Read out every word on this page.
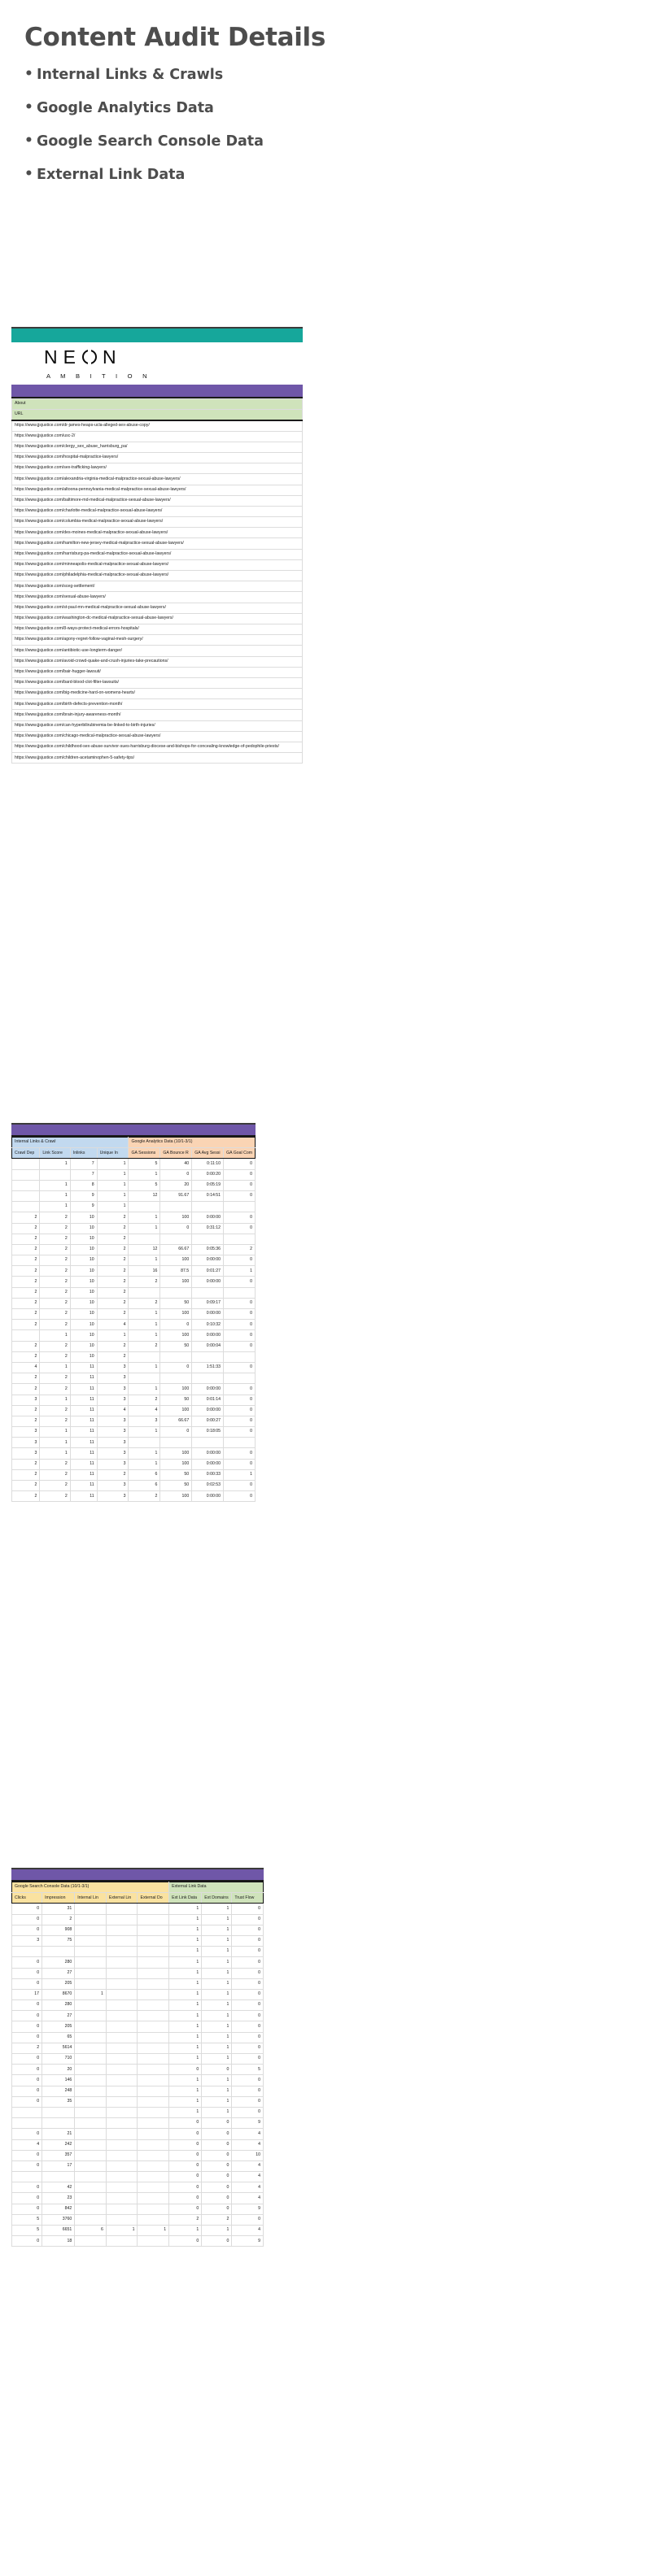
Content Audit Details
• Internal Links & Crawls
• Google Analytics Data
• Google Search Console Data
• External Link Data
NE N
A M B I T I O N
About
URL
https://www.jjsjustice.com/dr-james-heaps-ucla-alleged-sex-abuse-copy/
https://www.jjsjustice.com/usc-2/
https://www.jjsjustice.com/clergy_sex_abuse_harrisburg_pa/
https://www.jjsjustice.com/hospital-malpractice-lawyers/
https://www.jjsjustice.com/sex-trafficking-lawyers/
https://www.jjsjustice.com/alexandria-virginia-medical-malpractice-sexual-abuse-lawyers/
https://www.jjsjustice.com/altoona-pennsylvania-medical-malpractice-sexual-abuse-lawyers/
https://www.jjsjustice.com/baltimore-md-medical-malpractice-sexual-abuse-lawyers/
https://www.jjsjustice.com/charlotte-medical-malpractice-sexual-abuse-lawyers/
https://www.jjsjustice.com/columbia-medical-malpractice-sexual-abuse-lawyers/
https://www.jjsjustice.com/des-moines-medical-malpractice-sexual-abuse-lawyers/
https://www.jjsjustice.com/hamilton-new-jersey-medical-malpractice-sexual-abuse-lawyers/
https://www.jjsjustice.com/harrisburg-pa-medical-malpractice-sexual-abuse-lawyers/
https://www.jjsjustice.com/minneapolis-medical-malpractice-sexual-abuse-lawyers/
https://www.jjsjustice.com/philadelphia-medical-malpractice-sexual-abuse-lawyers/
https://www.jjsjustice.com/sceg-settlement/
https://www.jjsjustice.com/sexual-abuse-lawyers/
https://www.jjsjustice.com/st-paul-mn-medical-malpractice-sexual-abuse-lawyers/
https://www.jjsjustice.com/washington-dc-medical-malpractice-sexual-abuse-lawyers/
https://www.jjsjustice.com/8-ways-protect-medical-errors-hospitals/
https://www.jjsjustice.com/agony-regret-follow-vaginal-mesh-surgery/
https://www.jjsjustice.com/antibiotic-use-longterm-danger/
https://www.jjsjustice.com/avoid-crowd-quake-and-crush-injuries-take-precautions/
https://www.jjsjustice.com/bair-hugger-lawsuit/
https://www.jjsjustice.com/bard-blood-clot-filter-lawsuits/
https://www.jjsjustice.com/big-medicine-hard-on-womens-hearts/
https://www.jjsjustice.com/birth-defects-prevention-month/
https://www.jjsjustice.com/brain-injury-awareness-month/
https://www.jjsjustice.com/can-hyperbilirubinemia-be-linked-to-birth-injuries/
https://www.jjsjustice.com/chicago-medical-malpractice-sexual-abuse-lawyers/
https://www.jjsjustice.com/childhood-sex-abuse-survivor-sues-harrisburg-diocese-and-bishops-for-concealing-knowledge-of-pedophile-priests/
https://www.jjsjustice.com/children-acetaminophen-5-safety-tips/
Internal Links & Crawl				Google Analytics Data (10/1-3/1)			
Crawl Dep	Link Score	Inlinks	Unique In	GA Sessions	GA Bounce R	GA Avg Sessi	GA Goal Com
	1	7	1	5	40	0:11:10	0
		7	1	1	0	0:00:20	0
	1	8	1	5	20	0:05:19	0
	1	9	1	12	91.67	0:14:51	0
	1	9	1				
2	2	10	2	1	100	0:00:00	0
2	2	10	2	1	0	0:31:12	0
2	2	10	2				
2	2	10	2	12	66.67	0:05:36	2
2	2	10	2	1	100	0:00:00	0
2	2	10	2	16	87.5	0:01:27	1
2	2	10	2	2	100	0:00:00	0
2	2	10	2				
2	2	10	2	2	50	0:09:17	0
2	2	10	2	1	100	0:00:00	0
2	2	10	4	1	0	0:10:32	0
	1	10	1	1	100	0:00:00	0
2	2	10	2	2	50	0:00:04	0
2	2	10	2				
4	1	11	3	1	0	1:51:33	0
2	2	11	3				
2	2	11	3	1	100	0:00:00	0
3	1	11	3	2	50	0:01:14	0
2	2	11	4	4	100	0:00:00	0
2	2	11	3	3	66.67	0:00:27	0
3	1	11	3	1	0	0:18:05	0
3	1	11	3				
3	1	11	3	1	100	0:00:00	0
2	2	11	3	1	100	0:00:00	0
2	2	11	2	6	50	0:00:33	1
2	2	11	3	6	50	0:02:53	0
2	2	11	3	2	100	0:00:00	0
Google Search Console Data (10/1-3/1)					External Link Data		
Clicks	Impression	Internal Lin	External Lin	External Do	Ext Link Data	Ext Domains	Trust Flow
0	31				1	1	0
0	2				1	1	0
0	908				1	1	0
3	75				1	1	0
					1	1	0
0	280				1	1	0
0	27				1	1	0
0	205				1	1	0
17	8670	1			1	1	0
0	280				1	1	0
0	27				1	1	0
0	205				1	1	0
0	65				1	1	0
2	5614				1	1	0
0	710				1	1	0
0	20				0	0	5
0	146				1	1	0
0	248				1	1	0
0	35				1	1	0
					1	1	0
					0	0	9
0	21				0	0	4
4	242				0	0	4
0	357				0	0	10
0	17				0	0	4
					0	0	4
0	42				0	0	4
0	23				0	0	4
0	842				0	0	9
5	3760				2	2	0
5	6651	6	1	1	1	1	4
0	18				0	0	9
